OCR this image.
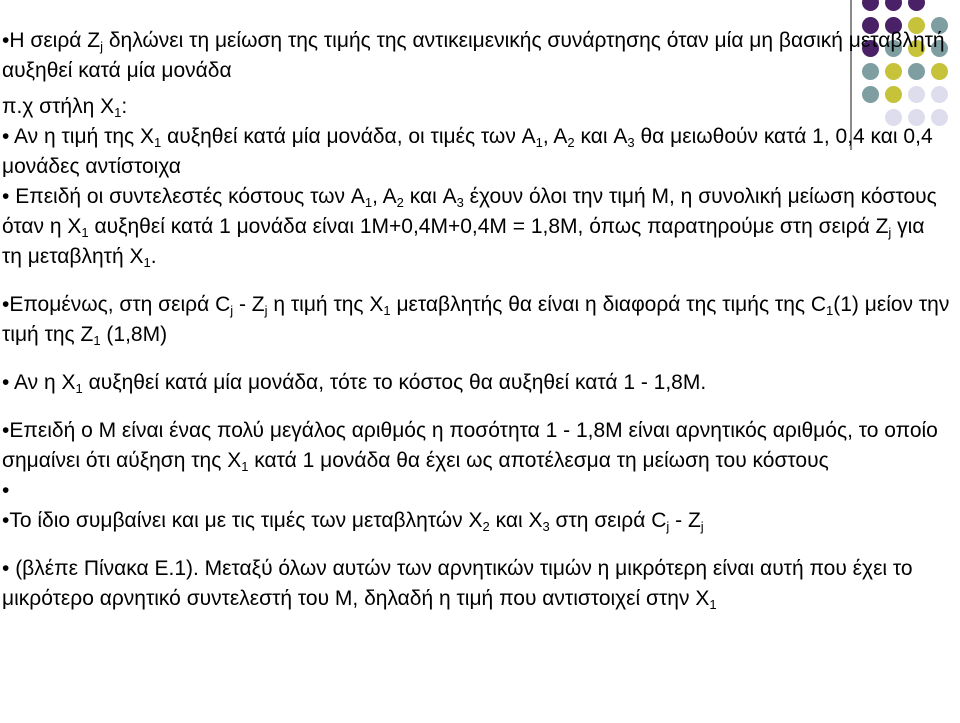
•Η σειρά $Z_j$ δηλώνει τη μείωση της τιμής της αντικειμενικής συνάρτησης όταν μία μη βασική μεταβλητή αυξηθεί κατά μία μονάδα

π.χ στήλη $X_1$:

• Αν η τιμή της $X_1$ αυξηθεί κατά μία μονάδα, οι τιμές των $A_1$, $A_2$ και $A_3$ θα μειωθούν κατά 1, 0,4 και 0,4 μονάδες αντίστοιχα

• Επειδή οι συντελεστές κόστους των $A_1$, $A_2$ και $A_3$ έχουν όλοι την τιμή M, η συνολική μείωση κόστους όταν η $X_1$ αυξηθεί κατά 1 μονάδα είναι 1M+0,4M+0,4M = 1,8M, όπως παρατηρούμε στη σειρά $Z_j$ για τη μεταβλητή $X_1$.

•Επομένως, στη σειρά $C_j - Z_j$ η τιμή της $X_1$ μεταβλητής θα είναι η διαφορά της τιμής της $C_1(1)$ μείον την τιμή της $Z_1$ (1,8M)

• Αν η $X_1$ αυξηθεί κατά μία μονάδα, τότε το κόστος θα αυξηθεί κατά 1 - 1,8M.

•Επειδή ο M είναι ένας πολύ μεγάλος αριθμός η ποσότητα 1 - 1,8M είναι αρνητικός αριθμός, το οποίο σημαίνει ότι αύξηση της $X_1$ κατά 1 μονάδα θα έχει ως αποτέλεσμα τη μείωση του κόστους

•

•Το ίδιο συμβαίνει και με τις τιμές των μεταβλητών $X_2$ και $X_3$ στη σειρά $C_j - Z_j$

• (βλέπε Πίνακα Ε.1). Μεταξύ όλων αυτών των αρνητικών τιμών η μικρότερη είναι αυτή που έχει το μικρότερο αρνητικό συντελεστή του M, δηλαδή η τιμή που αντιστοιχεί στην $X_1$
